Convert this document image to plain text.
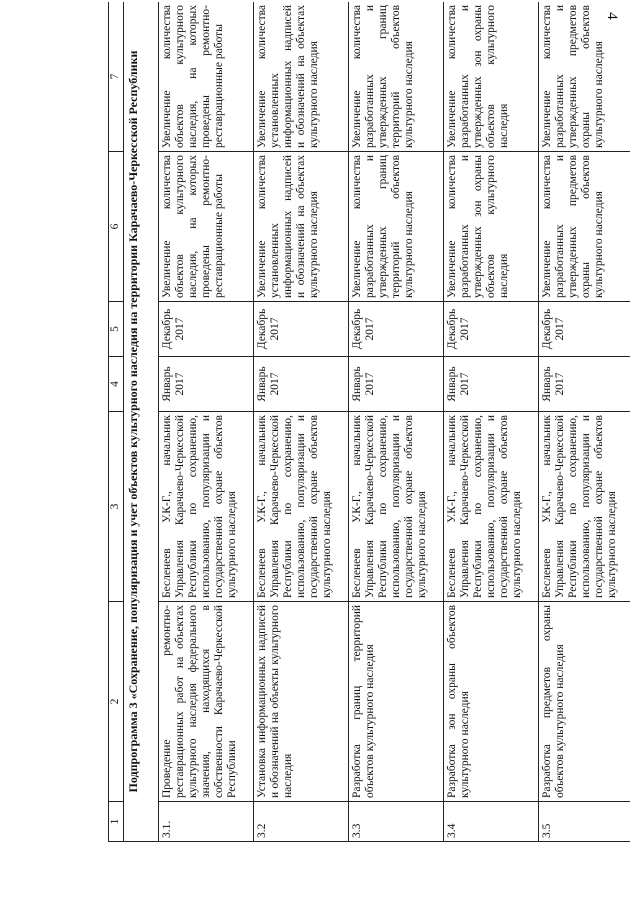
4
1	2	3	4	5	6	7
Подпрограмма 3 «Сохранение, популяризация и учет объектов культурного наследия на территории Карачаево-Черкесской Республики						
3.1.	Проведение ремонтно-реставрационных работ на объектах культурного наследия федерального значения, находящихся в собственности Карачаево-Черкесской Республики	Бесленеев У.К-Г., начальник Управления Карачаево-Черкесской Республики по сохранению, использованию, популяризации и государственной охране объектов культурного наследия	Январь 2017	Декабрь 2017	Увеличение количества объектов культурного наследия, на которых проведены ремонтно-реставрационные работы	Увеличение количества объектов культурного наследия, на которых проведены ремонтно-реставрационные работы
3.2	Установка информационных надписей и обозначений на объекты культурного наследия	Бесленеев У.К-Г., начальник Управления Карачаево-Черкесской Республики по сохранению, использованию, популяризации и государственной охране объектов культурного наследия	Январь 2017	Декабрь 2017	Увеличение количества установленных информационных надписей и обозначений на объектах культурного наследия	Увеличение количества установленных информационных надписей и обозначений на объектах культурного наследия
3.3	Разработка границ территорий объектов культурного наследия	Бесленеев У.К-Г., начальник Управления Карачаево-Черкесской Республики по сохранению, использованию, популяризации и государственной охране объектов культурного наследия	Январь 2017	Декабрь 2017	Увеличение количества разработанных и утвержденных границ территорий объектов культурного наследия	Увеличение количества разработанных и утвержденных границ территорий объектов культурного наследия
3.4	Разработка зон охраны объектов культурного наследия	Бесленеев У.К-Г., начальник Управления Карачаево-Черкесской Республики по сохранению, использованию, популяризации и государственной охране объектов культурного наследия	Январь 2017	Декабрь 2017	Увеличение количества разработанных и утвержденных зон охраны объектов культурного наследия	Увеличение количества разработанных и утвержденных зон охраны объектов культурного наследия
3.5	Разработка предметов охраны объектов культурного наследия	Бесленеев У.К-Г., начальник Управления Карачаево-Черкесской Республики по сохранению, использованию, популяризации и государственной охране объектов культурного наследия	Январь 2017	Декабрь 2017	Увеличение количества разработанных и утвержденных предметов охраны объектов культурного наследия	Увеличение количества разработанных и утвержденных предметов охраны объектов культурного наследия
